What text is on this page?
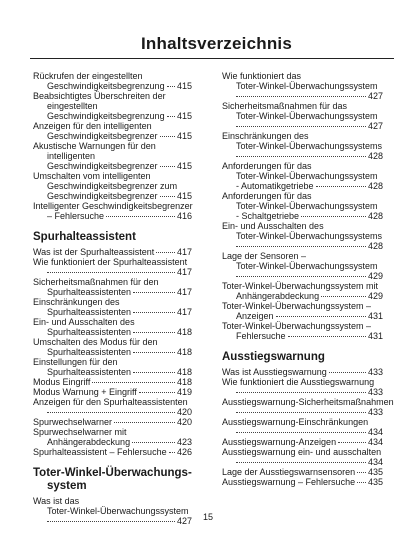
Inhaltsverzeichnis
Rückrufen der eingestellten
Geschwindigkeitsbegrenzung 415
Beabsichtigtes Überschreiten der
eingestellten
Geschwindigkeitsbegrenzung 415
Anzeigen für den intelligenten
Geschwindigkeitsbegrenzer 415
Akustische Warnungen für den
intelligenten
Geschwindigkeitsbegrenzer 415
Umschalten vom intelligenten
Geschwindigkeitsbegrenzer zum
Geschwindigkeitsbegrenzer 415
Intelligenter Geschwindigkeitsbegrenzer
– Fehlersuche	416
Spurhalteassistent
Was ist der Spurhalteassistent	417
Wie funktioniert der Spurhalteassistent
417
Sicherheitsmaßnahmen für den
Spurhalteassistenten	417
Einschränkungen des
Spurhalteassistenten	417
Ein- und Ausschalten des
Spurhalteassistenten	418
Umschalten des Modus für den
Spurhalteassistenten	418
Einstellungen für den
Spurhalteassistenten	418
Modus Eingriff	418
Modus Warnung + Eingriff	419
Anzeigen für den Spurhalteassistenten
420
Spurwechselwarner	420
Spurwechselwarner mit
Anhängerabdeckung	423
Spurhalteassistent – Fehlersuche 426
Toter-Winkel-Überwachungs-
system
Was ist das
Toter-Winkel-Überwachungssystem
427
Wie funktioniert das
Toter-Winkel-Überwachungssystem
427
Sicherheitsmaßnahmen für das
Toter-Winkel-Überwachungssystem
427
Einschränkungen des
Toter-Winkel-Überwachungssystems
428
Anforderungen für das
Toter-Winkel-Überwachungssystem
- Automatikgetriebe	428
Anforderungen für das
Toter-Winkel-Überwachungssystem
- Schaltgetriebe	428
Ein- und Ausschalten des
Toter-Winkel-Überwachungssystems
428
Lage der Sensoren –
Toter-Winkel-Überwachungssystem
429
Toter-Winkel-Überwachungssystem mit
Anhängerabdeckung	429
Toter-Winkel-Überwachungssystem –
Anzeigen	431
Toter-Winkel-Überwachungssystem –
Fehlersuche	431
Ausstiegswarnung
Was ist Ausstiegswarnung	433
Wie funktioniert die Ausstiegswarnung
433
Ausstiegswarnung-Sicherheitsmaßnahmen
433
Ausstiegswarnung-Einschränkungen
434
Ausstiegswarnung-Anzeigen	434
Ausstiegswarnung ein- und ausschalten
434
Lage der Ausstiegswarnsensoren 435
Ausstiegswarnung – Fehlersuche 435
15
